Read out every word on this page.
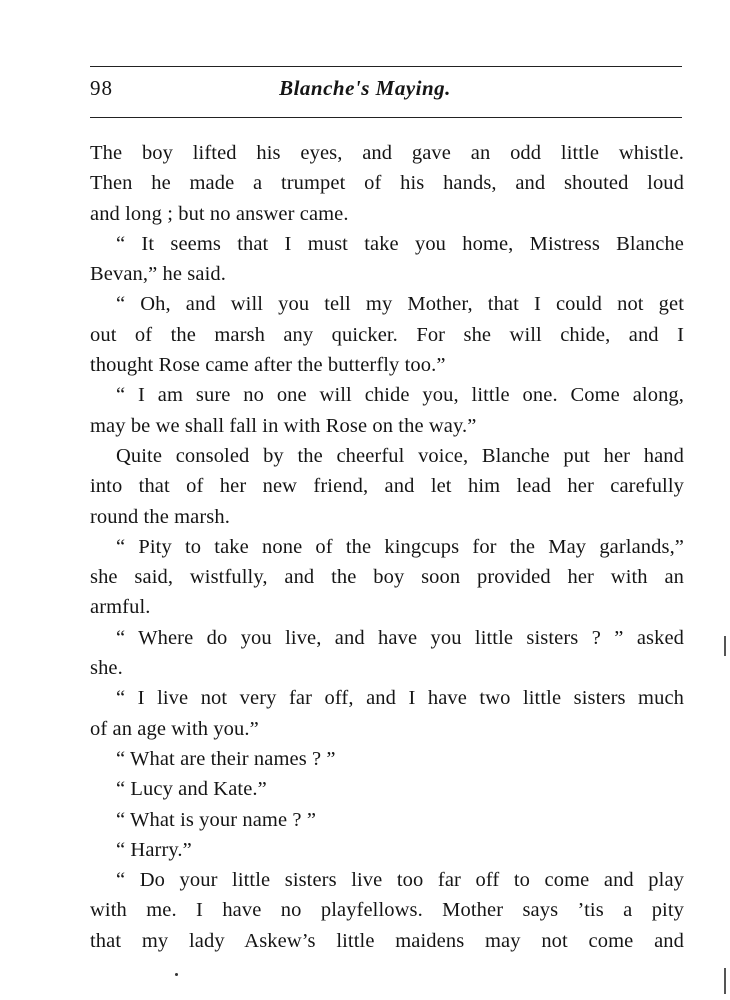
98	Blanche's Maying.
The boy lifted his eyes, and gave an odd little whistle.
Then he made a trumpet of his hands, and shouted loud
and long ; but no answer came.
“ It seems that I must take you home, Mistress Blanche
Bevan,” he said.
“ Oh, and will you tell my Mother, that I could not get
out of the marsh any quicker. For she will chide, and I
thought Rose came after the butterfly too.”
“ I am sure no one will chide you, little one. Come along,
may be we shall fall in with Rose on the way.”
Quite consoled by the cheerful voice, Blanche put her hand
into that of her new friend, and let him lead her carefully
round the marsh.
“ Pity to take none of the kingcups for the May garlands,”
she said, wistfully, and the boy soon provided her with an
armful.
“ Where do you live, and have you little sisters ? ” asked
she.
“ I live not very far off, and I have two little sisters much
of an age with you.”
“ What are their names ? ”
“ Lucy and Kate.”
“ What is your name ? ”
“ Harry.”
“ Do your little sisters live too far off to come and play
with me. I have no playfellows. Mother says ’tis a pity
that my lady Askew’s little maidens may not come and
